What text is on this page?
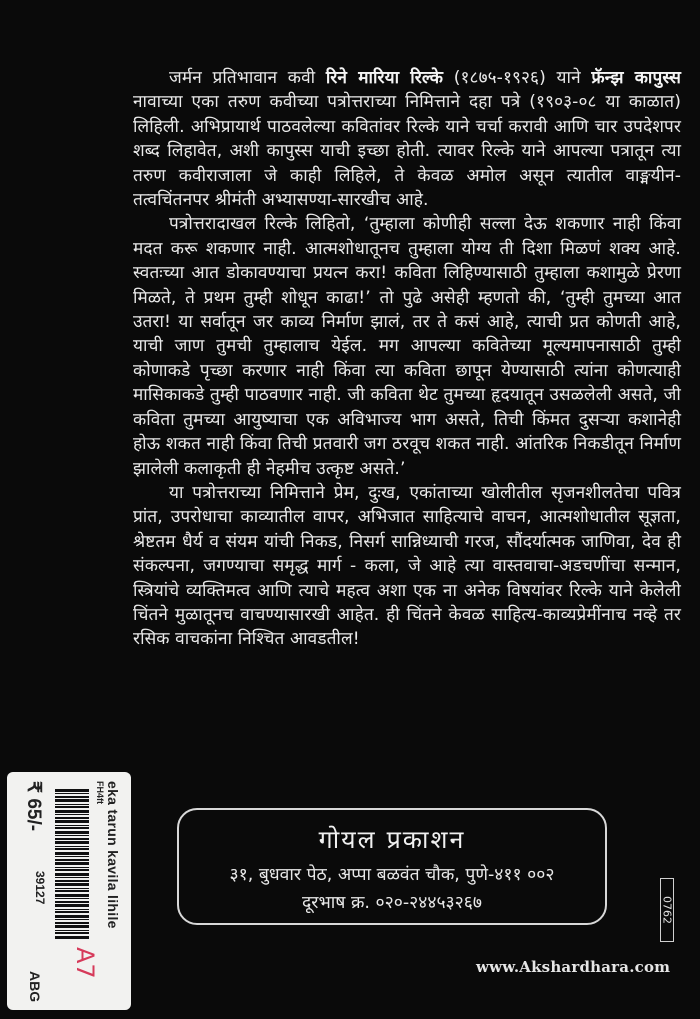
जर्मन प्रतिभावान कवी रिने मारिया रिल्के (१८७५-१९२६) याने फ्रॅन्झ कापुस्स नावाच्या एका तरुण कवीच्या पत्रोत्तराच्या निमित्ताने दहा पत्रे (१९०३-०८ या काळात) लिहिली. अभिप्रायार्थ पाठवलेल्या कवितांवर रिल्के याने चर्चा करावी आणि चार उपदेशपर शब्द लिहावेत, अशी कापुस्स याची इच्छा होती. त्यावर रिल्के याने आपल्या पत्रातून त्या तरुण कवीराजाला जे काही लिहिले, ते केवळ अमोल असून त्यातील वाङ्मयीन-तत्वचिंतनपर श्रीमंती अभ्यासण्या-सारखीच आहे.

पत्रोत्तरादाखल रिल्के लिहितो, ‘तुम्हाला कोणीही सल्ला देऊ शकणार नाही किंवा मदत करू शकणार नाही. आत्मशोधातूनच तुम्हाला योग्य ती दिशा मिळणं शक्य आहे. स्वतःच्या आत डोकावण्याचा प्रयत्न करा! कविता लिहिण्यासाठी तुम्हाला कशामुळे प्रेरणा मिळते, ते प्रथम तुम्ही शोधून काढा!’ तो पुढे असेही म्हणतो की, ‘तुम्ही तुमच्या आत उतरा! या सर्वातून जर काव्य निर्माण झालं, तर ते कसं आहे, त्याची प्रत कोणती आहे, याची जाण तुमची तुम्हालाच येईल. मग आपल्या कवितेच्या मूल्यमापनासाठी तुम्ही कोणाकडे पृच्छा करणार नाही किंवा त्या कविता छापून येण्यासाठी त्यांना कोणत्याही मासिकाकडे तुम्ही पाठवणार नाही. जी कविता थेट तुमच्या हृदयातून उसळलेली असते, जी कविता तुमच्या आयुष्याचा एक अविभाज्य भाग असते, तिची किंमत दुसऱ्या कशानेही होऊ शकत नाही किंवा तिची प्रतवारी जग ठरवूच शकत नाही. आंतरिक निकडीतून निर्माण झालेली कलाकृती ही नेहमीच उत्कृष्ट असते.’

या पत्रोत्तराच्या निमित्ताने प्रेम, दुःख, एकांताच्या खोलीतील सृजनशीलतेचा पवित्र प्रांत, उपरोधाचा काव्यातील वापर, अभिजात साहित्याचे वाचन, आत्मशोधातील सूज्ञता, श्रेष्टतम धैर्य व संयम यांची निकड, निसर्ग सान्निध्याची गरज, सौंदर्यात्मक जाणिवा, देव ही संकल्पना, जगण्याचा समृद्ध मार्ग - कला, जे आहे त्या वास्तवाचा-अडचणींचा सन्मान, स्त्रियांचे व्यक्तिमत्व आणि त्याचे महत्व अशा एक ना अनेक विषयांवर रिल्के याने केलेली चिंतने मुळातूनच वाचण्यासारखी आहेत. ही चिंतने केवळ साहित्य-काव्यप्रेमींनाच नव्हे तर रसिक वाचकांना निश्चित आवडतील!

गोयल प्रकाशन
३१, बुधवार पेठ, अप्पा बळवंत चौक, पुणे-४११ ००२
दूरभाष क्र. ०२०-२४४५३२६७
www.Akshardhara.com
0762
eka tarun kavila lihile
FH4ft
₹ 65/-
39127
A7
ABG
